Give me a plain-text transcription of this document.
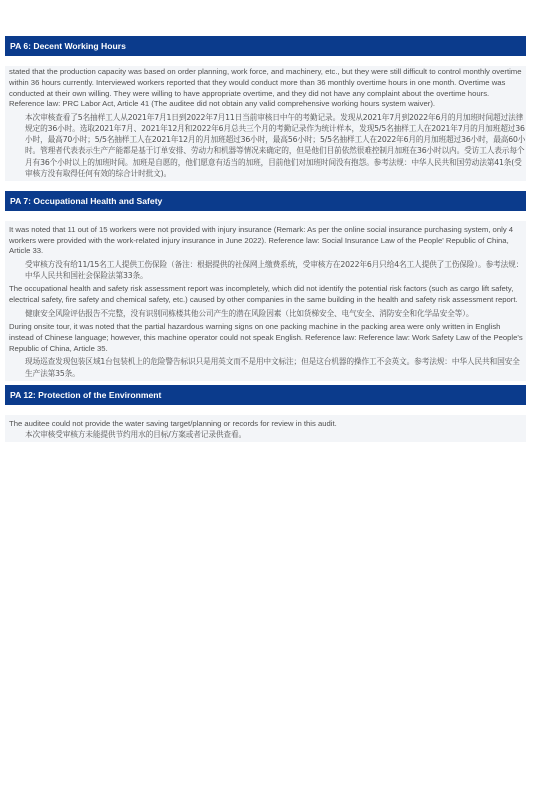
PA 6: Decent Working Hours

stated that the production capacity was based on order planning, work force, and machinery, etc., but they were still difficult to control monthly overtime within 36 hours currently. Interviewed workers reported that they would conduct more than 36 monthly overtime hours in one month. Overtime was conducted at their own willing. They were willing to have appropriate overtime, and they did not have any complaint about the overtime hours. Reference law: PRC Labor Act, Article 41 (The auditee did not obtain any valid comprehensive working hours system waiver).

本次审核查看了5名抽样工人从2021年7月1日到2022年7月11日当前审核日中午的考勤记录。发现从2021年7月到2022年6月的月加班时间超过法律规定的36小时。选取2021年7月、2021年12月和2022年6月总共三个月的考勤记录作为统计样本，发现5/5名抽样工人在2021年7月的月加班超过36小时，最高70小时；5/5名抽样工人在2021年12月的月加班超过36小时，最高56小时；5/5名抽样工人在2022年6月的月加班超过36小时，最高60小时。管理者代表表示生产产能都是基于订单安排、劳动力和机器等情况来确定的，但是他们目前依然很难控制月加班在36小时以内。受访工人表示每个月有36个小时以上的加班时间。加班是自愿的，他们愿意有适当的加班，目前他们对加班时间没有抱怨。参考法规：中华人民共和国劳动法第41条(受审核方没有取得任何有效的综合计时批文)。

PA 7: Occupational Health and Safety

It was noted that 11 out of 15 workers were not provided with injury insurance (Remark: As per the online social insurance purchasing system, only 4 workers were provided with the work-related injury insurance in June 2022). Reference law: Social Insurance Law of the People' Republic of China, Article 33.

受审核方没有给11/15名工人提供工伤保险（备注：根据提供的社保网上缴费系统，受审核方在2022年6月只给4名工人提供了工伤保险）。参考法规：中华人民共和国社会保险法第33条。

The occupational health and safety risk assessment report was incompletely, which did not identify the potential risk factors (such as cargo lift safety, electrical safety, fire safety and chemical safety, etc.) caused by other companies in the same building in the health and safety risk assessment report.

健康安全风险评估报告不完整，没有识别同栋楼其他公司产生的潜在风险因素（比如货梯安全、电气安全、消防安全和化学品安全等）。

During onsite tour, it was noted that the partial hazardous warning signs on one packing machine in the packing area were only written in English instead of Chinese language; however, this machine operator could not speak English. Reference law: Reference law: Work Safety Law of the People's Republic of China, Article 35.

现场巡查发现包装区域1台包装机上的危险警告标识只是用英文而不是用中文标注；但是这台机器的操作工不会英文。参考法规：中华人民共和国安全生产法第35条。

PA 12: Protection of the Environment

The auditee could not provide the water saving target/planning or records for review in this audit.

本次审核受审核方未能提供节约用水的目标/方案或者记录供查看。
